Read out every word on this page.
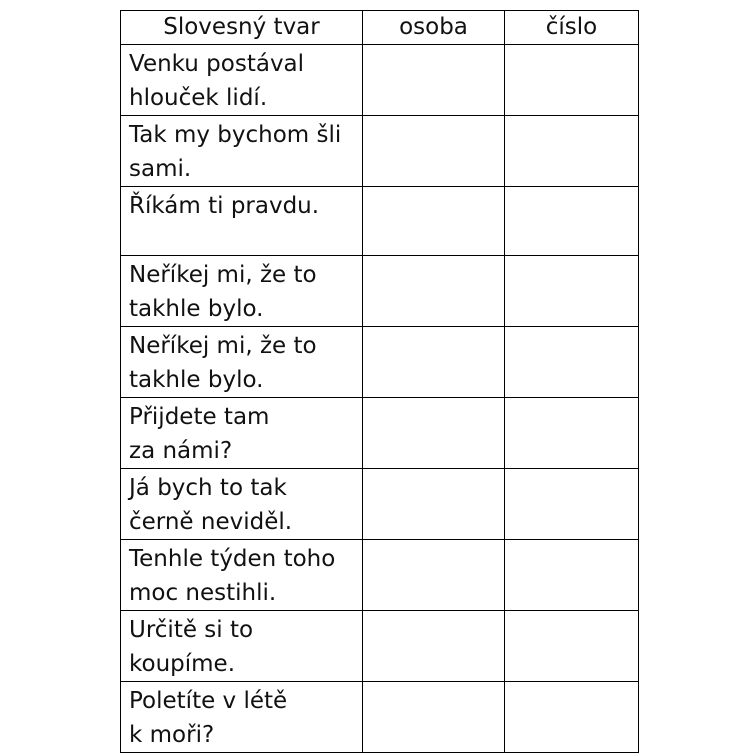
Slovesný tvar	osoba	číslo

Venku postával
hlouček lidí.		

Tak my bychom šli
sami.		

Říkám ti pravdu.		

Neříkej mi, že to
takhle bylo.		

Neříkej mi, že to
takhle bylo.		

Přijdete tam
za námi?		

Já bych to tak
černě neviděl.		

Tenhle týden toho
moc nestihli.		

Určitě si to
koupíme.		

Poletíte v létě
k moři?		
